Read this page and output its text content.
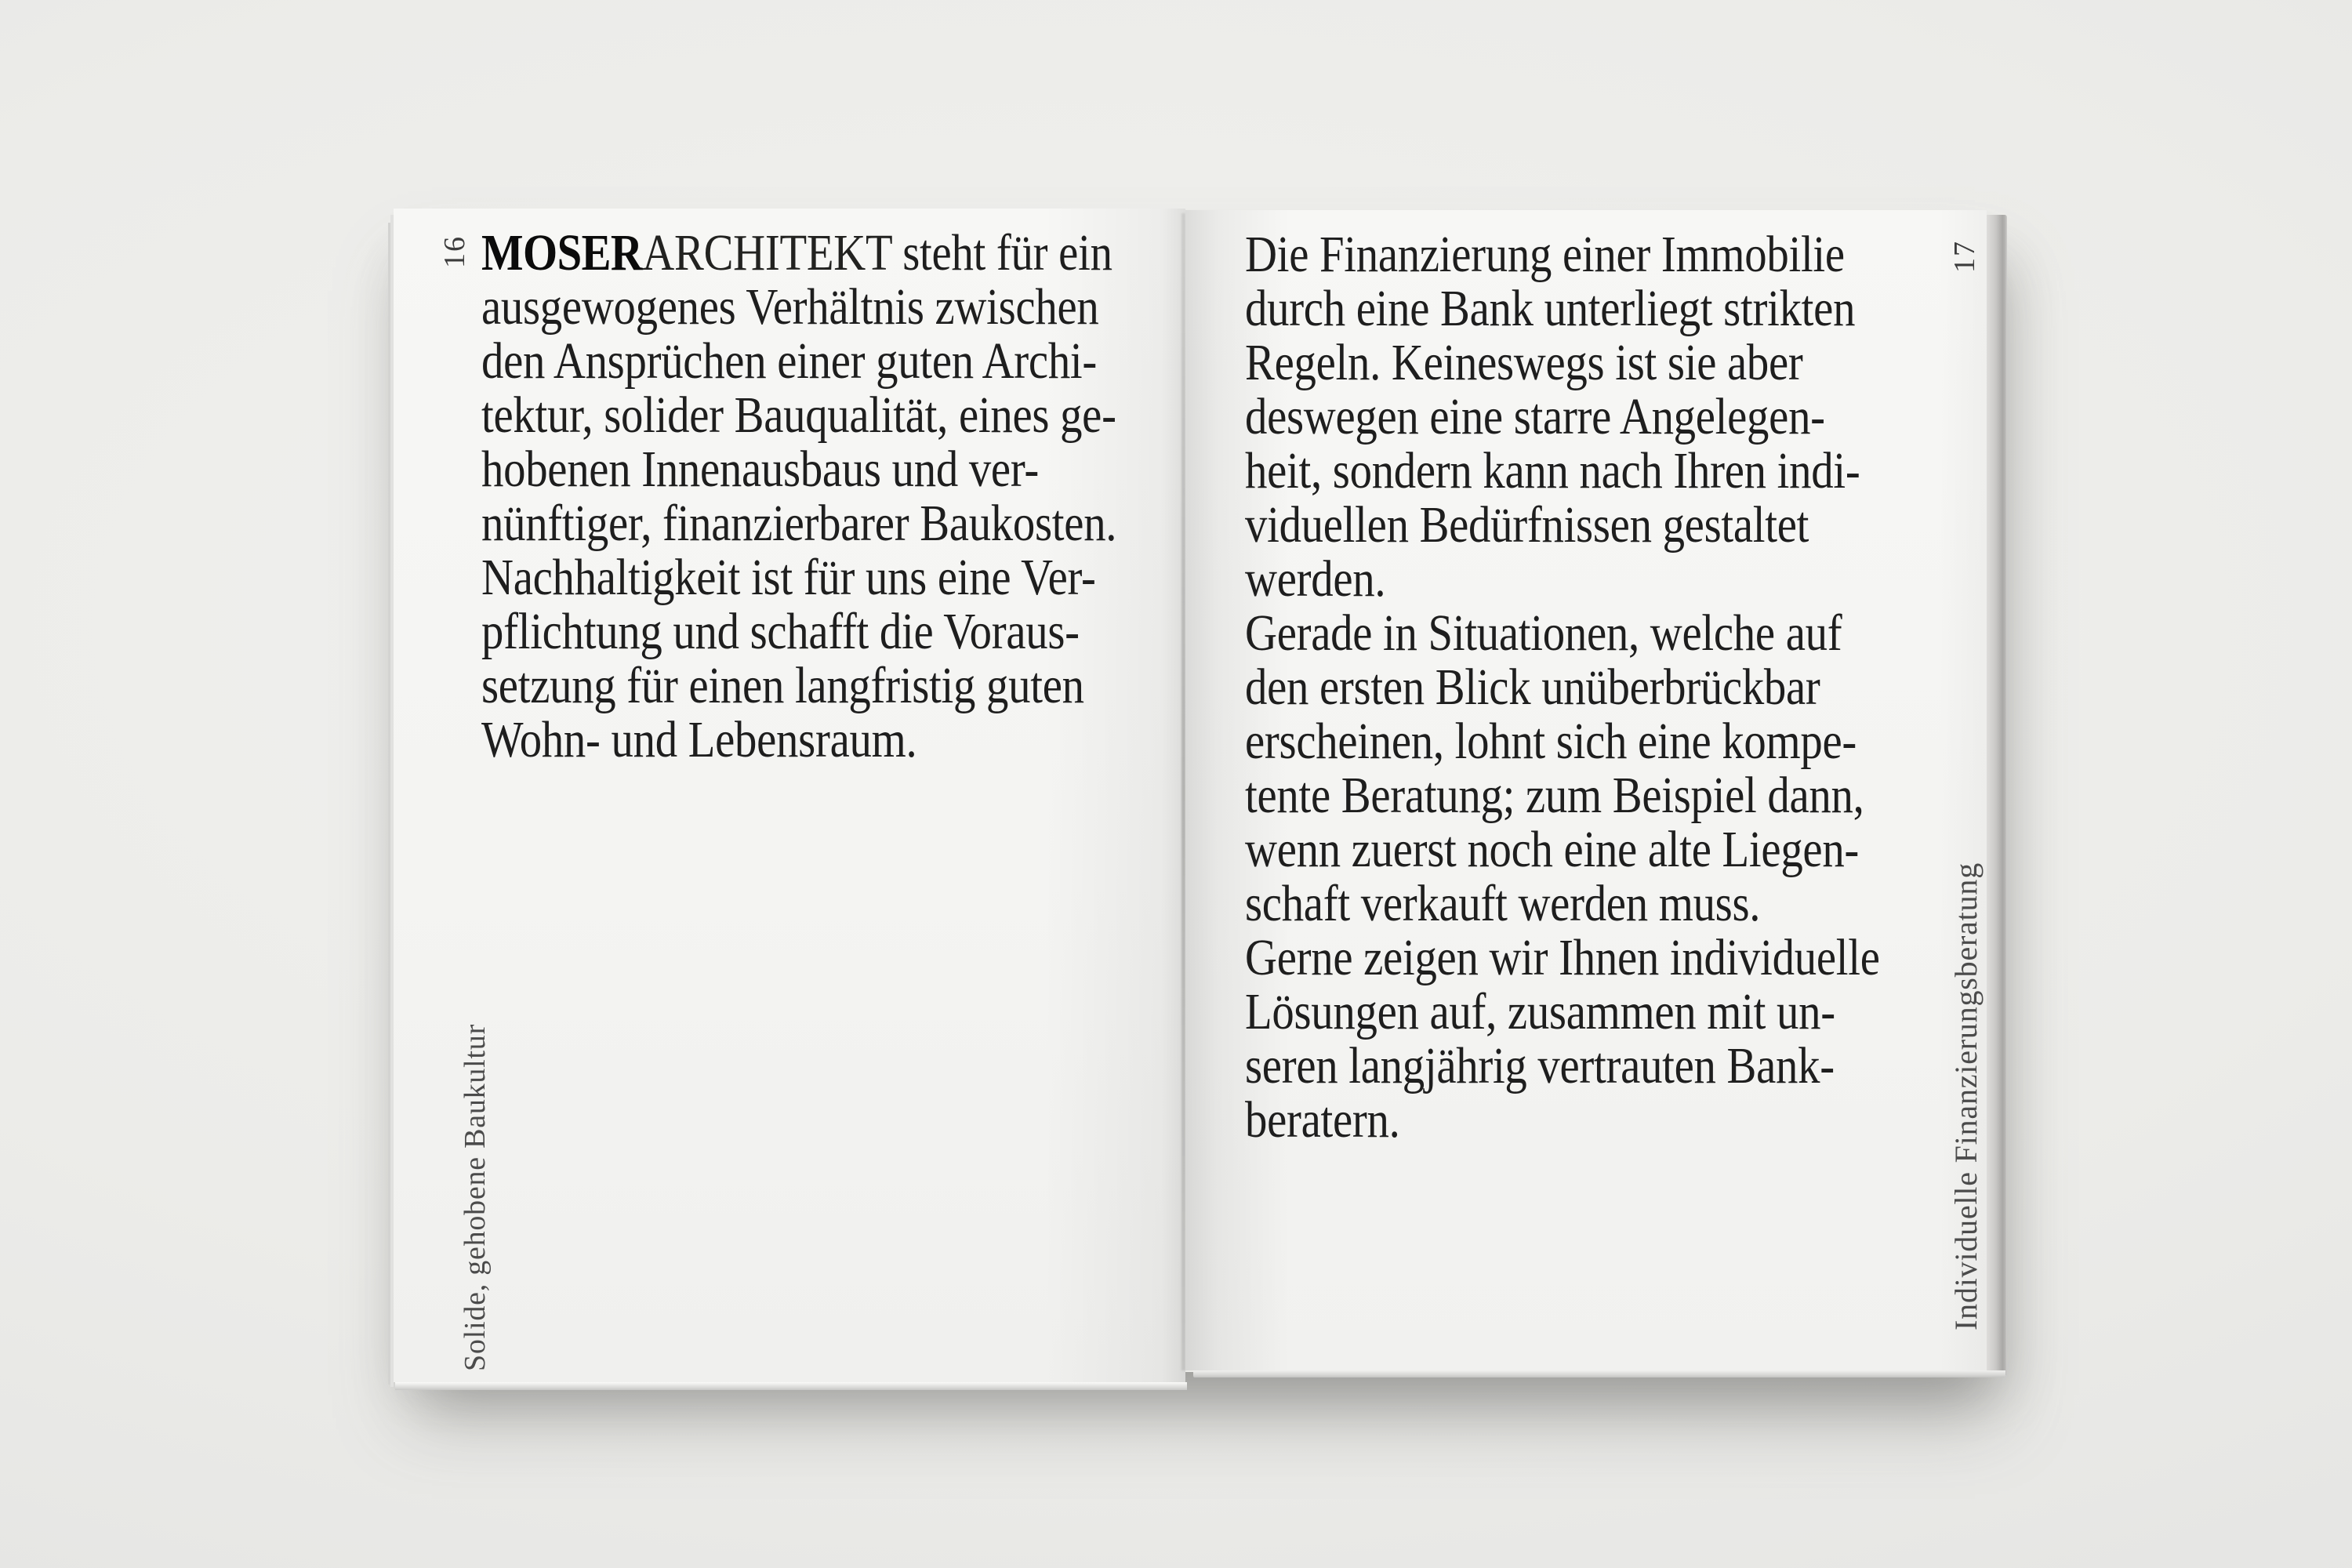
16 MOSERARCHITEKT steht für ein
ausgewogenes Verhältnis zwischen
den Ansprüchen einer guten Archi-
tektur, solider Bauqualität, eines ge-
hobenen Innenausbaus und ver-
nünftiger, finanzierbarer Baukosten.
Nachhaltigkeit ist für uns eine Ver-
pflichtung und schafft die Voraus-
setzung für einen langfristig guten
Wohn- und Lebensraum.
Solide, gehobene Baukultur
17
Die Finanzierung einer Immobilie
durch eine Bank unterliegt strikten
Regeln. Keineswegs ist sie aber
deswegen eine starre Angelegen-
heit, sondern kann nach Ihren indi-
viduellen Bedürfnissen gestaltet
werden.
Gerade in Situationen, welche auf
den ersten Blick unüberbrückbar
erscheinen, lohnt sich eine kompe-
tente Beratung; zum Beispiel dann,
wenn zuerst noch eine alte Liegen-
schaft verkauft werden muss.
Gerne zeigen wir Ihnen individuelle
Lösungen auf, zusammen mit un-
seren langjährig vertrauten Bank-
beratern.	Individuelle Finanzierungsberatung
